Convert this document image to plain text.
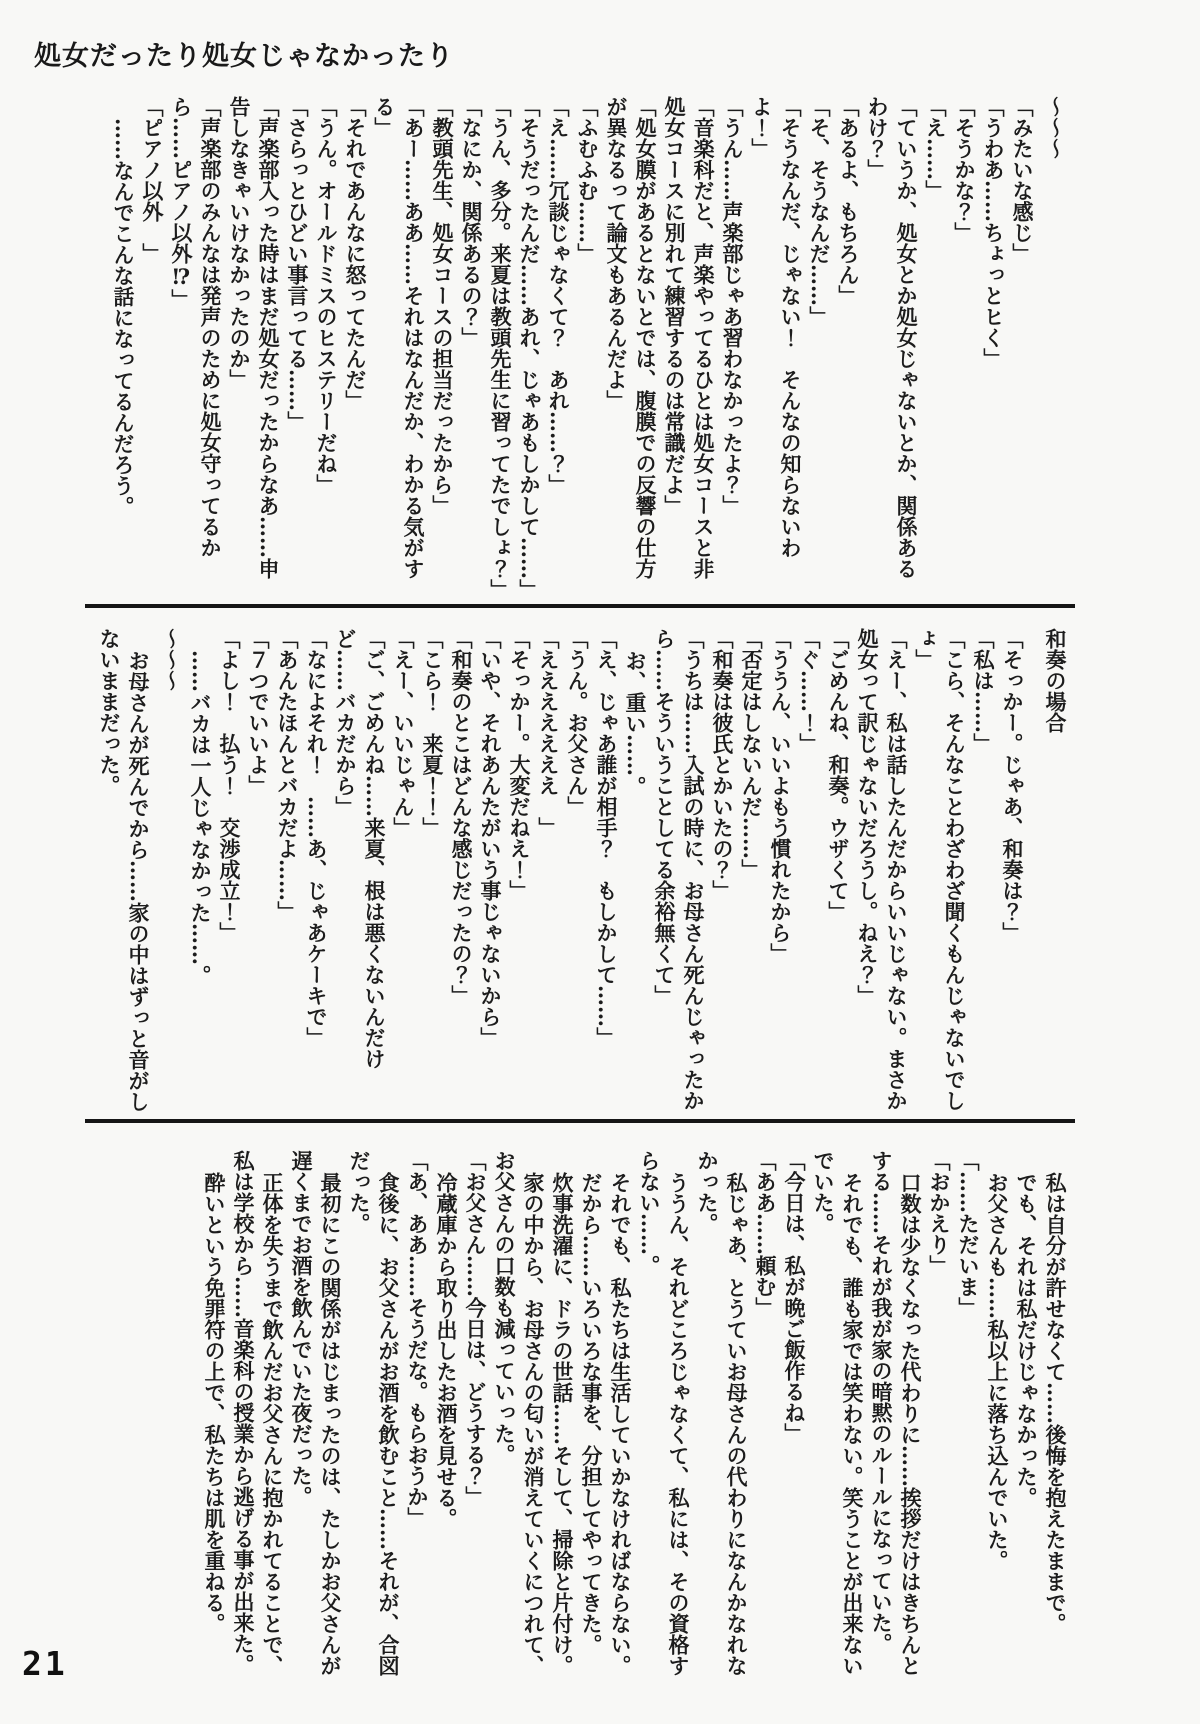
処女だったり処女じゃなかったり

〜〜〜

「みたいな感じ」

「うわあ……ちょっとヒく」

「そうかな？」

「え……」

「ていうか、処女とか処女じゃないとか、関係あるわけ？」

「あるよ、もちろん」

「そ、そうなんだ……」

「そうなんだ、じゃない！　そんなの知らないわよ！」

「うん……声楽部じゃあ習わなかったよ？」

「音楽科だと、声楽やってるひとは処女コースと非処女コースに別れて練習するのは常識だよ」

「処女膜があるとないとでは、腹膜での反響の仕方が異なるって論文もあるんだよ」

「ふむふむ……」

「え……冗談じゃなくて？　あれ……？」

「そうだったんだ……あれ、じゃあもしかして……」

「うん、多分。来夏は教頭先生に習ってたでしょ？」

「なにか、関係あるの？」

「教頭先生、処女コースの担当だったから」

「あー……ああ……それはなんだか、わかる気がする」

「それであんなに怒ってたんだ」

「うん。オールドミスのヒステリーだね」

「さらっとひどい事言ってる……」

「声楽部入った時はまだ処女だったからなあ……申告しなきゃいけなかったのか」

「声楽部のみんなは発声のために処女守ってるから……ピアノ以外⁉」

「ピアノ以外　」

……なんでこんな話になってるんだろう。

和奏の場合

「そっかー。じゃあ、和奏は？」

「私は……」

「こら、そんなことわざわざ聞くもんじゃないでしょ」

「えー、私は話したんだからいいじゃない。まさか処女って訳じゃないだろうし。ねえ？」

「ごめんね、和奏。ウザくて」

「ぐ……！」

「ううん、いいよもう慣れたから」

「否定はしないんだ……」

「和奏は彼氏とかいたの？」

「うちは……入試の時に、お母さん死んじゃったから……そういうことしてる余裕無くて」

お、重い……。

「え、じゃあ誰が相手？　もしかして……」

「うん。お父さん」

「えええええええ　」

「そっかー。大変だねえ！」

「いや、それあんたがいう事じゃないから」

「和奏のとこはどんな感じだったの？」

「こら！　来夏！！」

「えー、いいじゃん」

「ご、ごめんね……来夏、根は悪くないんだけど……バカだから」

「なによそれ！　……あ、じゃあケーキで」

「あんたほんとバカだよ……」

「７つでいいよ」

「よし！　払う！　交渉成立！」

……バカは一人じゃなかった……。

〜〜〜

お母さんが死んでから……家の中はずっと音がしないままだった。

私は自分が許せなくて……後悔を抱えたままで。

でも、それは私だけじゃなかった。

お父さんも……私以上に落ち込んでいた。

「……ただいま」

「おかえり」

口数は少なくなった代わりに……挨拶だけはきちんとする……それが我が家の暗黙のルールになっていた。

それでも、誰も家では笑わない。笑うことが出来ないでいた。

「今日は、私が晩ご飯作るね」

「ああ……頼む」

私じゃあ、とうていお母さんの代わりになんかなれなかった。

ううん、それどころじゃなくて、私には、その資格すらない……。

それでも、私たちは生活していかなければならない。

だから……いろいろな事を、分担してやってきた。

炊事洗濯に、ドラの世話……そして、掃除と片付け。

家の中から、お母さんの匂いが消えていくにつれて、お父さんの口数も減っていった。

「お父さん……今日は、どうする？」

冷蔵庫から取り出したお酒を見せる。

「あ、ああ……そうだな。もらおうか」

食後に、お父さんがお酒を飲むこと……それが、合図だった。

最初にこの関係がはじまったのは、たしかお父さんが遅くまでお酒を飲んでいた夜だった。

正体を失うまで飲んだお父さんに抱かれてることで、私は学校から……音楽科の授業から逃げる事が出来た。

酔いという免罪符の上で、私たちは肌を重ねる。

21
